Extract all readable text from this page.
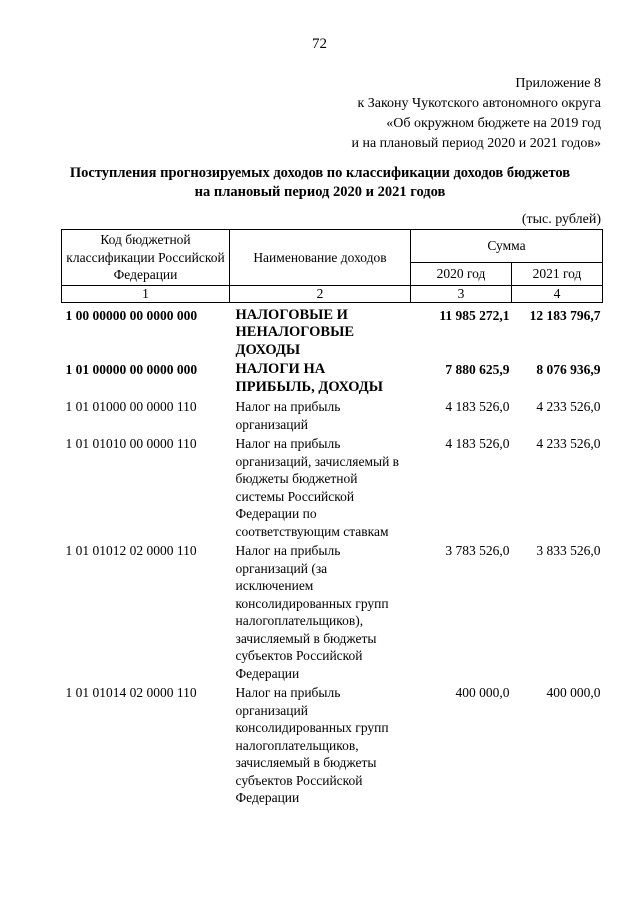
72
Приложение 8
к Закону Чукотского автономного округа
«Об окружном бюджете на 2019 год
и на плановый период 2020 и 2021 годов»
Поступления прогнозируемых доходов по классификации доходов бюджетов
на плановый период 2020 и 2021 годов
(тыс. рублей)
Код бюджетной классификации Российской Федерации	Наименование доходов	Сумма	
		2020 год	2021 год
1	2	3	4
1 00 00000 00 0000 000	НАЛОГОВЫЕ И НЕНАЛОГОВЫЕ ДОХОДЫ	11 985 272,1	12 183 796,7
1 01 00000 00 0000 000	НАЛОГИ НА ПРИБЫЛЬ, ДОХОДЫ	7 880 625,9	8 076 936,9
1 01 01000 00 0000 110	Налог на прибыль организаций	4 183 526,0	4 233 526,0
1 01 01010 00 0000 110	Налог на прибыль организаций, зачисляемый в бюджеты бюджетной системы Российской Федерации по соответствующим ставкам	4 183 526,0	4 233 526,0
1 01 01012 02 0000 110	Налог на прибыль организаций (за исключением консолидированных групп налогоплательщиков), зачисляемый в бюджеты субъектов Российской Федерации	3 783 526,0	3 833 526,0
1 01 01014 02 0000 110	Налог на прибыль организаций консолидированных групп налогоплательщиков, зачисляемый в бюджеты субъектов Российской Федерации	400 000,0	400 000,0
